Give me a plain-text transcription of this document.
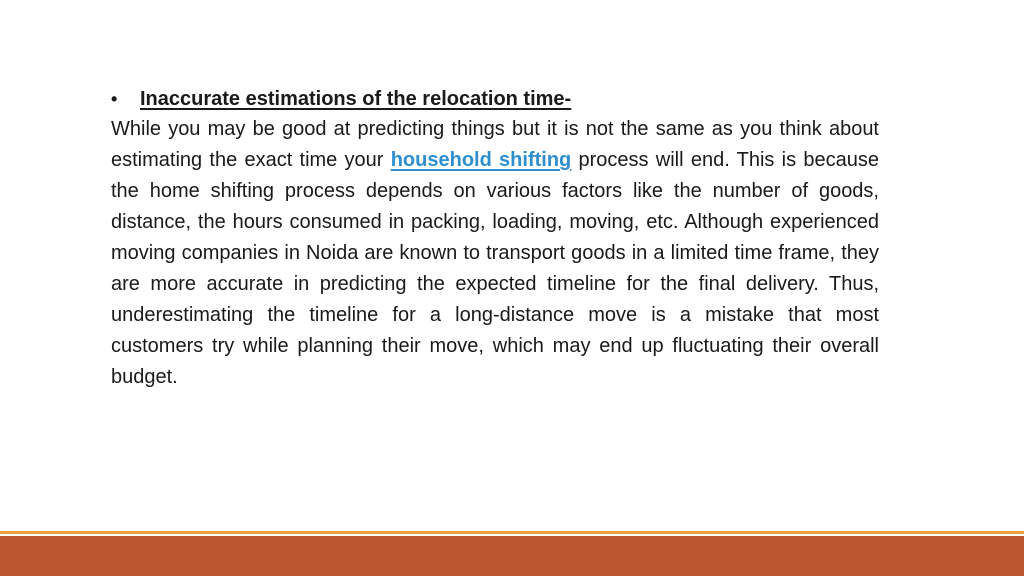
•	Inaccurate estimations of the relocation time-

While you may be good at predicting things but it is not the same as you think about estimating the exact time your household shifting process will end. This is because the home shifting process depends on various factors like the number of goods, distance, the hours consumed in packing, loading, moving, etc. Although experienced moving companies in Noida are known to transport goods in a limited time frame, they are more accurate in predicting the expected timeline for the final delivery. Thus, underestimating the timeline for a long-distance move is a mistake that most customers try while planning their move, which may end up fluctuating their overall budget.
